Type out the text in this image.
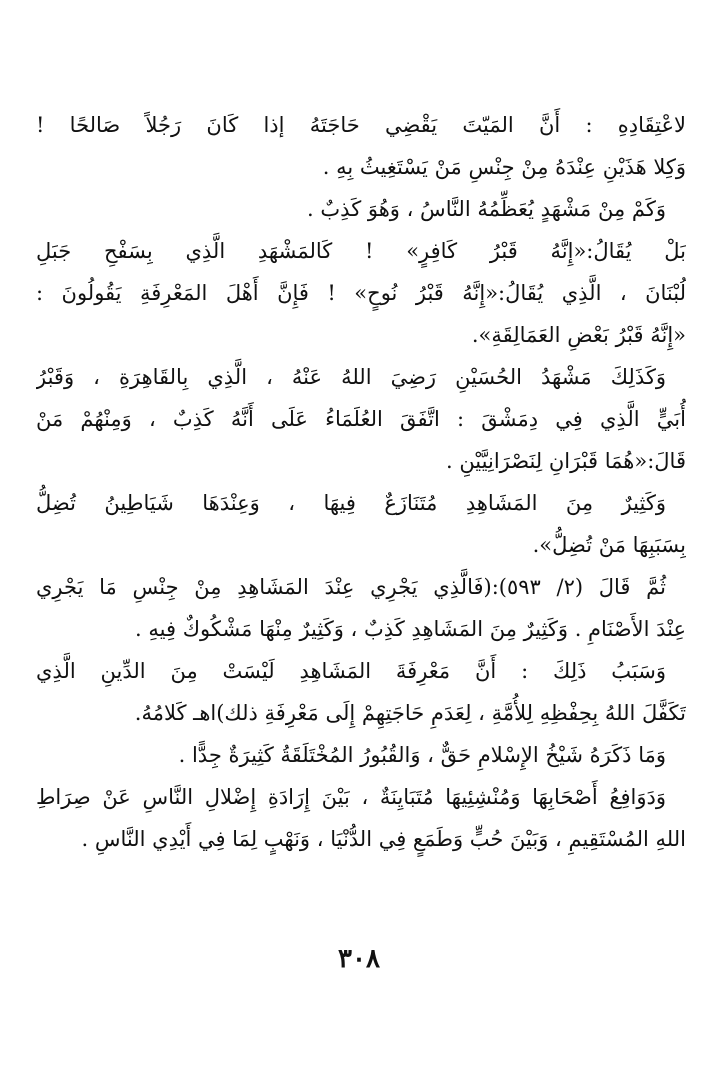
لاعْتِقَادِهِ : أَنَّ المَيّتَ يَقْضِي حَاجَتَهُ إذا كَانَ رَجُلاً صَالحًا !
وَكِلا هَذَيْنِ عِنْدَهُ مِنْ جِنْسِ مَنْ يَسْتَغِيثُ بِهِ .
وَكَمْ مِنْ مَشْهَدٍ يُعَظِّمُهُ النَّاسُ ، وَهُوَ كَذِبٌ .
بَلْ يُقَالُ:«إِنَّهُ قَبْرُ كَافِرٍ» ! كَالمَشْهَدِ الَّذِي بِسَفْحِ جَبَلِ
لُبْنَانَ ، الَّذِي يُقَالُ:«إِنَّهُ قَبْرُ نُوحٍ» ! فَإِنَّ أَهْلَ المَعْرِفَةِ يَقُولُونَ :
«إِنَّهُ قَبْرُ بَعْضِ العَمَالِقَةِ».
وَكَذَلِكَ مَشْهَدُ الحُسَيْنِ رَضِيَ اللهُ عَنْهُ ، الَّذِي بِالقَاهِرَةِ ، وَقَبْرُ
أُبَيٍّ الَّذِي فِي دِمَشْقَ : اتَّفَقَ العُلَمَاءُ عَلَى أَنَّهُ كَذِبٌ ، وَمِنْهُمْ مَنْ
قَالَ:«هُمَا قَبْرَانِ لِنَصْرَانِيَّيْنِ .
وَكَثِيرٌ مِنَ المَشَاهِدِ مُتَنَازَعٌ فِيهَا ، وَعِنْدَهَا شَيَاطِينُ تُضِلُّ
بِسَبَبِهَا مَنْ تُضِلُّ».
ثُمَّ قَالَ (٢/ ٥٩٣):(فَالَّذِي يَجْرِي عِنْدَ المَشَاهِدِ مِنْ جِنْسِ مَا يَجْرِي
عِنْدَ الأَصْنَامِ . وَكَثِيرٌ مِنَ المَشَاهِدِ كَذِبٌ ، وَكَثِيرٌ مِنْهَا مَشْكُوكٌ فِيهِ .
وَسَبَبُ ذَلِكَ : أَنَّ مَعْرِفَةَ المَشَاهِدِ لَيْسَتْ مِنَ الدِّينِ الَّذِي
تَكَفَّلَ اللهُ بِحِفْظِهِ لِلأُمَّةِ ، لِعَدَمِ حَاجَتِهِمْ إِلَى مَعْرِفَةِ ذلك)اهـ كَلامُهُ.
وَمَا ذَكَرَهُ شَيْخُ الإِسْلامِ حَقٌّ ، وَالقُبُورُ المُخْتَلَقَةُ كَثِيرَةٌ جِدًّا .
وَدَوَافِعُ أَصْحَابِهَا وَمُنْشِئِيهَا مُتَبَايِنَةٌ ، بَيْنَ إِرَادَةِ إِضْلالِ النَّاسِ عَنْ صِرَاطِ
اللهِ المُسْتَقِيمِ ، وَبَيْنَ حُبٍّ وَطَمَعٍ فِي الدُّنْيَا ، وَنَهْبٍ لِمَا فِي أَيْدِي النَّاسِ .
٣٠٨
